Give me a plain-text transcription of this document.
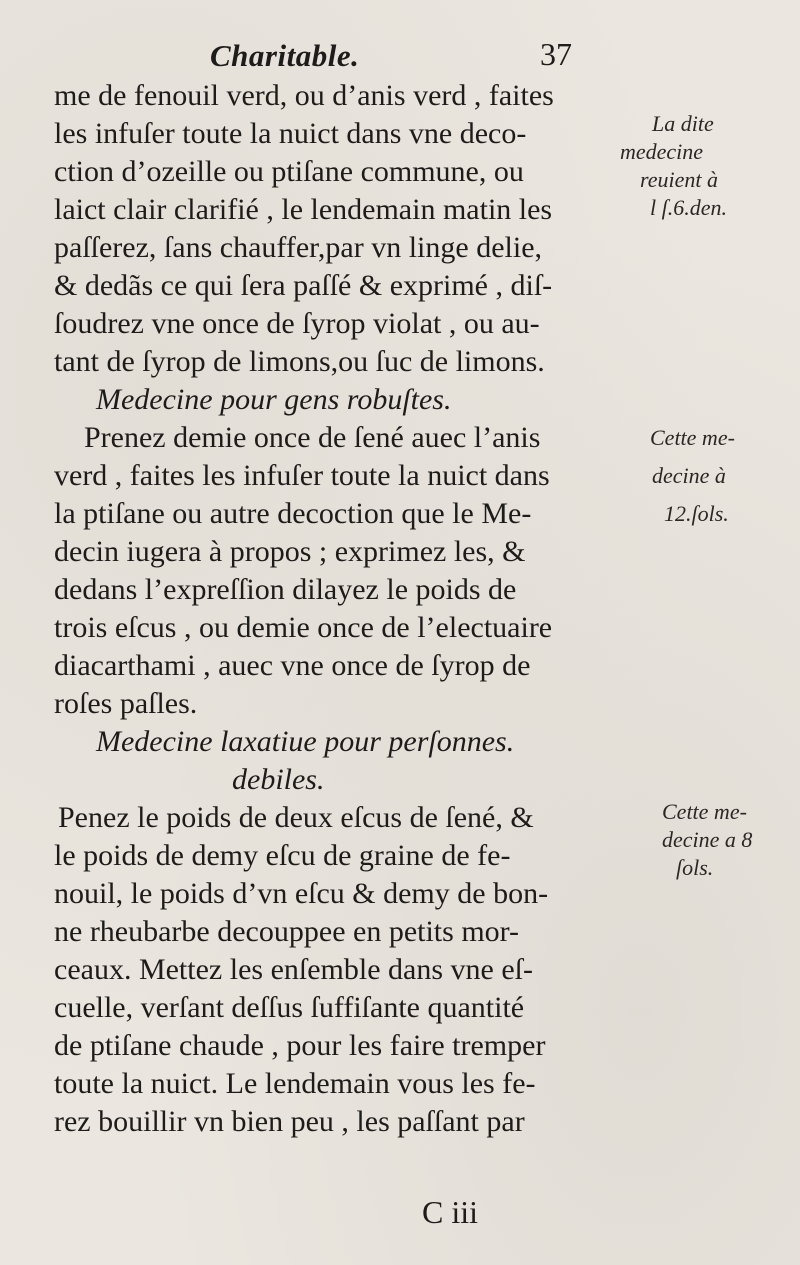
Charitable.	37
me de fenouil verd, ou d’anis verd , faites
les infuſer toute la nuict dans vne deco-
ction d’ozeille ou ptiſane commune, ou
laict clair clarifié , le lendemain matin les
paſſerez, ſans chauffer,par vn linge delie,
& dedãs ce qui ſera paſſé & exprimé , diſ-
ſoudrez vne once de ſyrop violat , ou au-
tant de ſyrop de limons,ou ſuc de limons.
Medecine pour gens robuſtes.
Prenez demie once de ſené auec l’anis
verd , faites les infuſer toute la nuict dans
la ptiſane ou autre decoction que le Me-
decin iugera à propos ; exprimez les, &
dedans l’expreſſion dilayez le poids de
trois eſcus , ou demie once de l’electuaire
diacarthami , auec vne once de ſyrop de
roſes paſles.
Medecine laxatiue pour perſonnes.
debiles.
Penez le poids de deux eſcus de ſené, &
le poids de demy eſcu de graine de fe-
nouil, le poids d’vn eſcu & demy de bon-
ne rheubarbe decouppee en petits mor-
ceaux. Mettez les enſemble dans vne eſ-
cuelle, verſant deſſus ſuffiſante quantité
de ptiſane chaude , pour les faire tremper
toute la nuict. Le lendemain vous les fe-
rez bouillir vn bien peu , les paſſant par
La dite
medecine
reuient à
l ſ.6.den.
Cette me-
decine à
12.ſols.
Cette me-
decine a 8
ſols.
C iii
